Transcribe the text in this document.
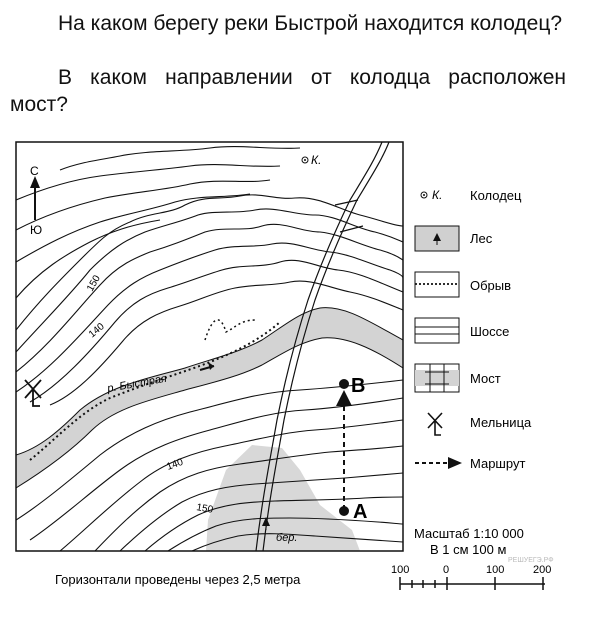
На каком берегу реки Быстрой находится колодец?
В каком направлении от колодца расположен мост?
С
Ю
К.
р. Быстрая
бер.
150
140
140
150	А
В
К. Колодец
Лес
Обрыв
Шоссе
Мост
Мельница
Маршрут
Масштаб 1:10 000
В 1 см 100 м
РЕШУЕГЭ.РФ
100	0	100	200
Горизонтали проведены через 2,5 метра
